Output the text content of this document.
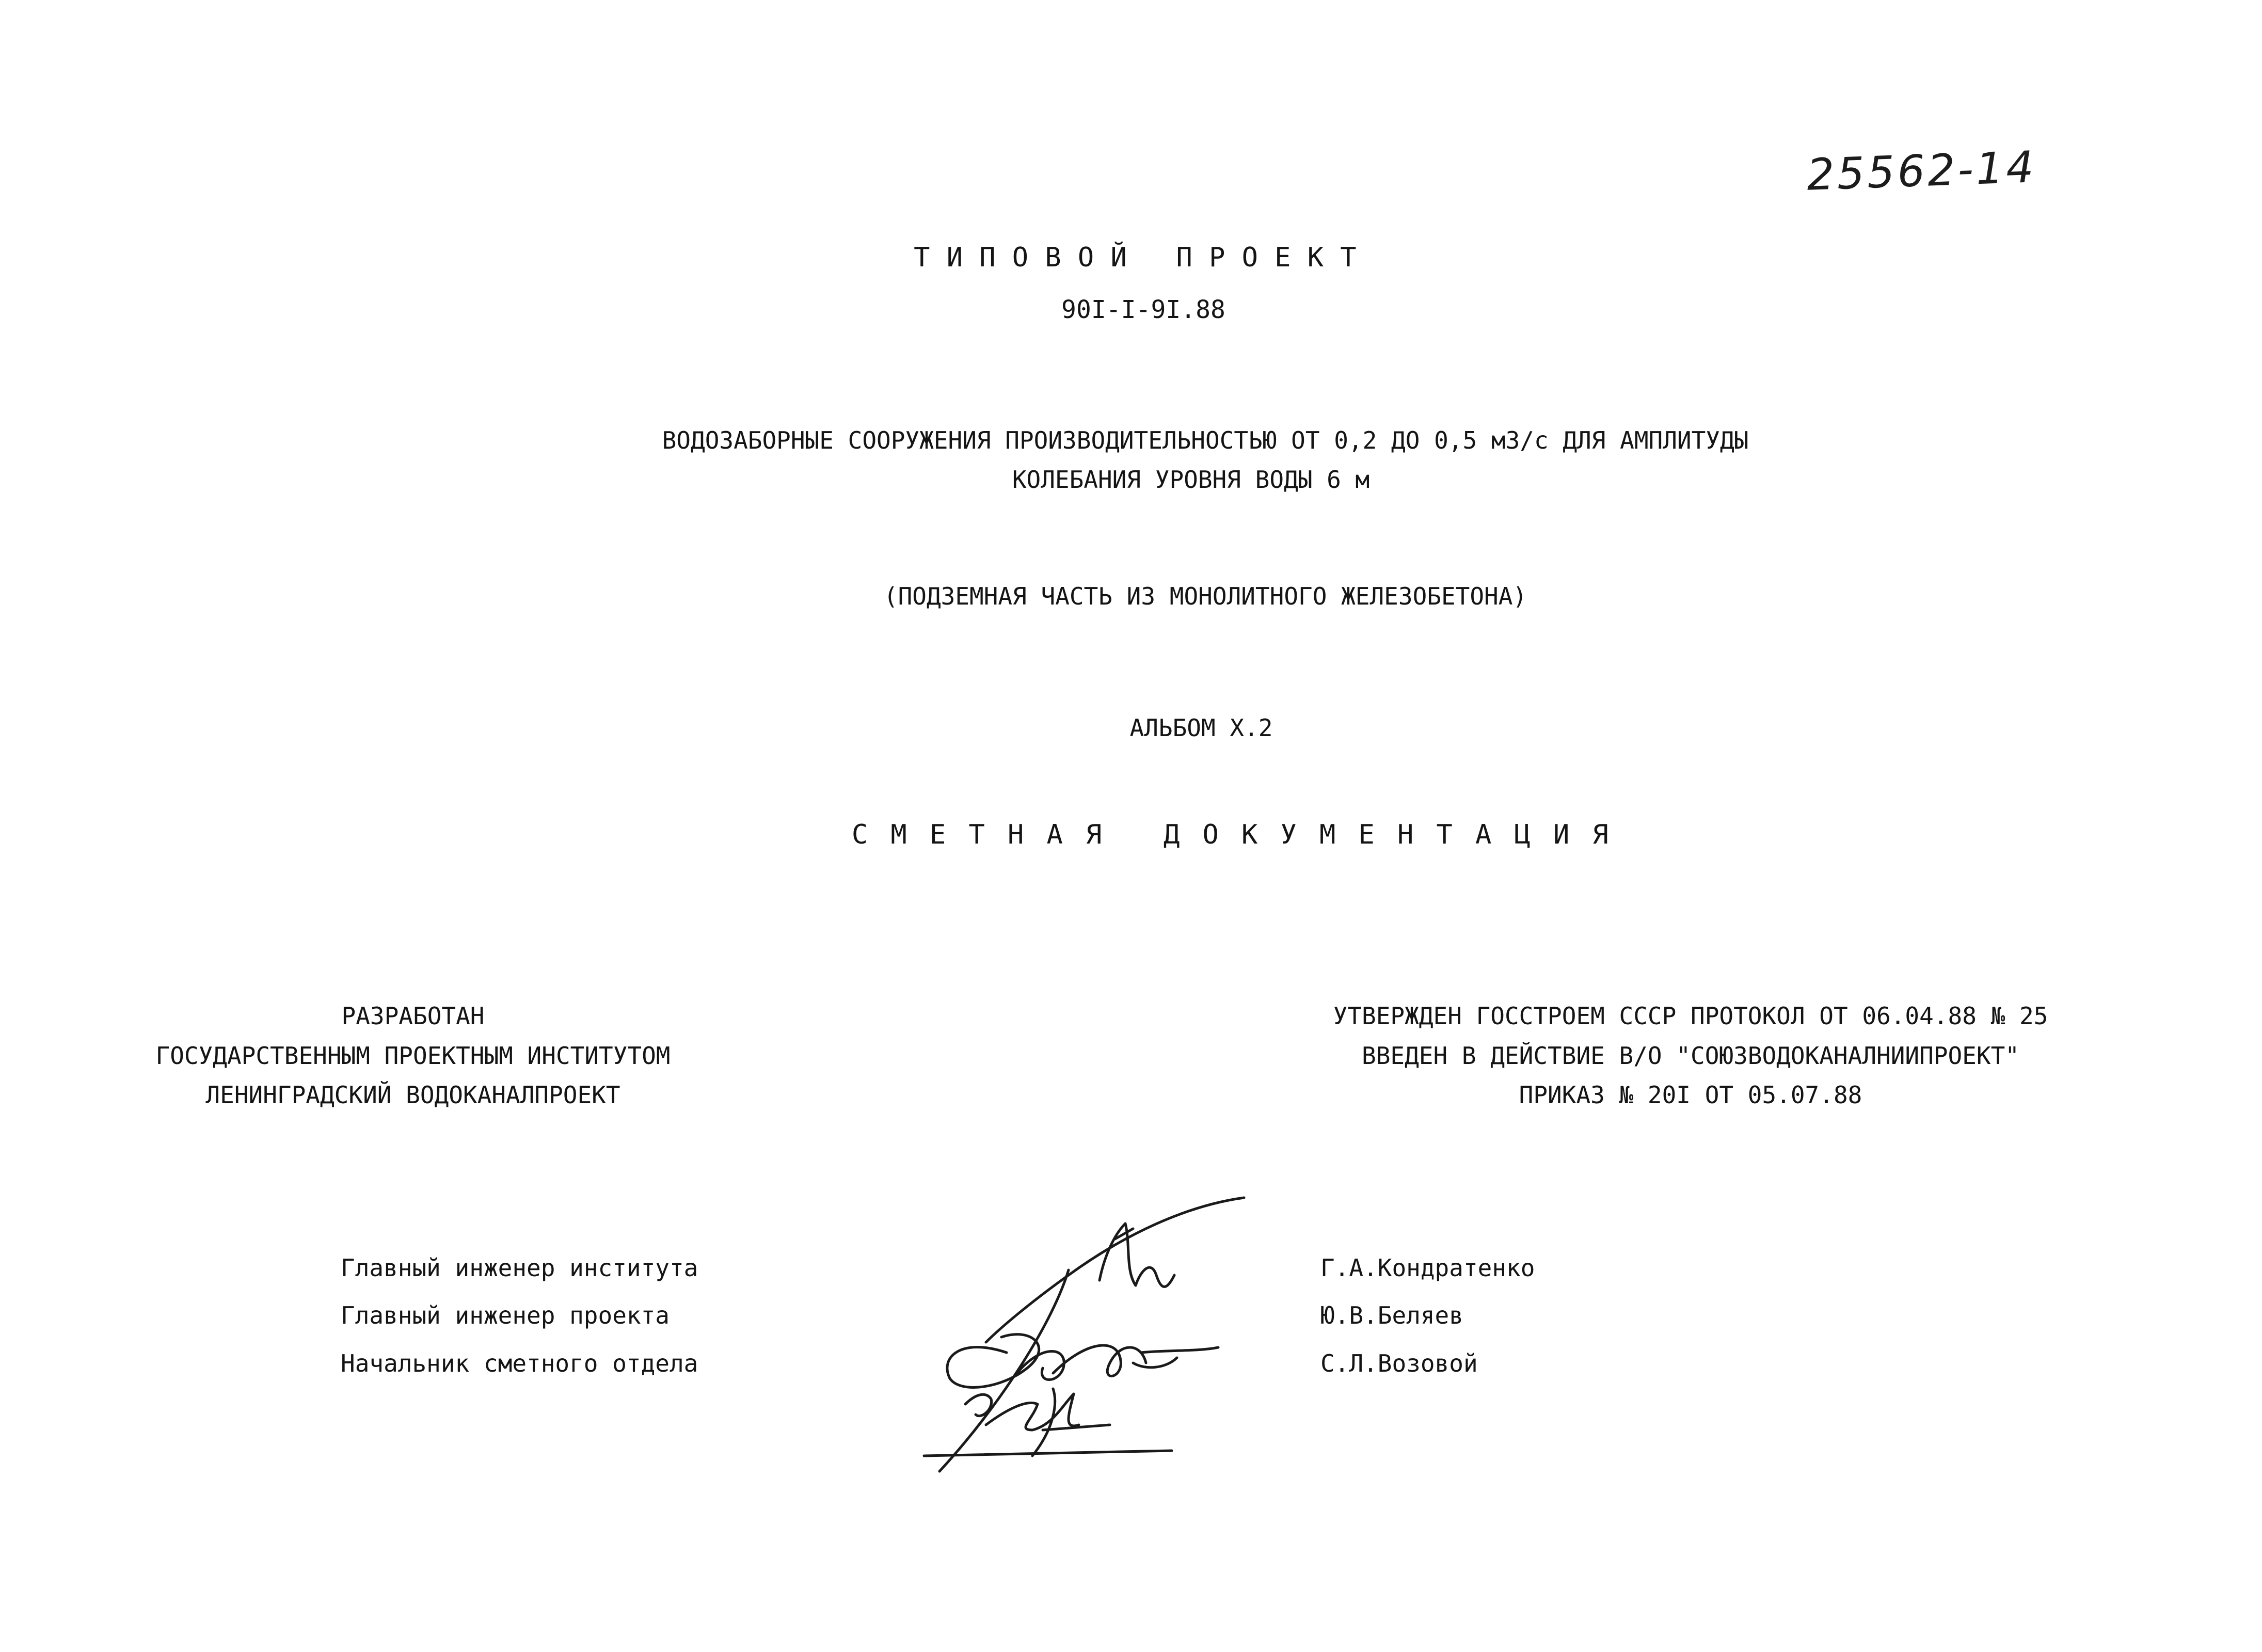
25562-14
ТИПОВОЙ ПРОЕКТ
90I-I-9I.88
ВОДОЗАБОРНЫЕ СООРУЖЕНИЯ ПРОИЗВОДИТЕЛЬНОСТЬЮ ОТ 0,2 ДО 0,5 м3/с ДЛЯ АМПЛИТУДЫ
КОЛЕБАНИЯ УРОВНЯ ВОДЫ 6 м
(ПОДЗЕМНАЯ ЧАСТЬ ИЗ МОНОЛИТНОГО ЖЕЛЕЗОБЕТОНА)
АЛЬБОМ Х.2
СМЕТНАЯ ДОКУМЕНТАЦИЯ
РАЗРАБОТАН
ГОСУДАРСТВЕННЫМ ПРОЕКТНЫМ ИНСТИТУТОМ
ЛЕНИНГРАДСКИЙ ВОДОКАНАЛПРОЕКТ
УТВЕРЖДЕН ГОССТРОЕМ СССР ПРОТОКОЛ ОТ 06.04.88 № 25
ВВЕДЕН В ДЕЙСТВИЕ В/О "СОЮЗВОДОКАНАЛНИИПРОЕКТ"
ПРИКАЗ № 20I ОТ 05.07.88
Главный инженер института
Главный инженер проекта
Начальник сметного отдела
Г.А.Кондратенко
Ю.В.Беляев
С.Л.Возовой
